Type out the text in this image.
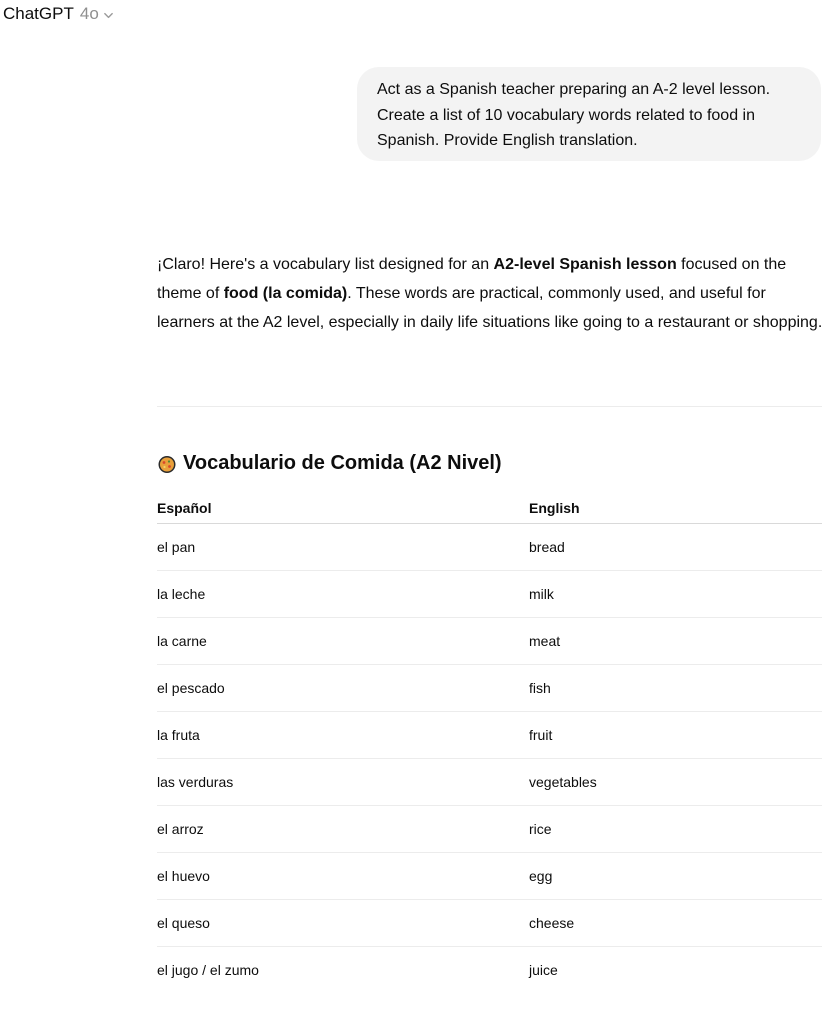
ChatGPT 4o
Act as a Spanish teacher preparing an A-2 level lesson. Create a list of 10 vocabulary words related to food in Spanish. Provide English translation.
¡Claro! Here's a vocabulary list designed for an A2-level Spanish lesson focused on the theme of food (la comida). These words are practical, commonly used, and useful for learners at the A2 level, especially in daily life situations like going to a restaurant or shopping.
Vocabulario de Comida (A2 Nivel)
Español	English
el pan	bread
la leche	milk
la carne	meat
el pescado	fish
la fruta	fruit
las verduras	vegetables
el arroz	rice
el huevo	egg
el queso	cheese
el jugo / el zumo	juice
